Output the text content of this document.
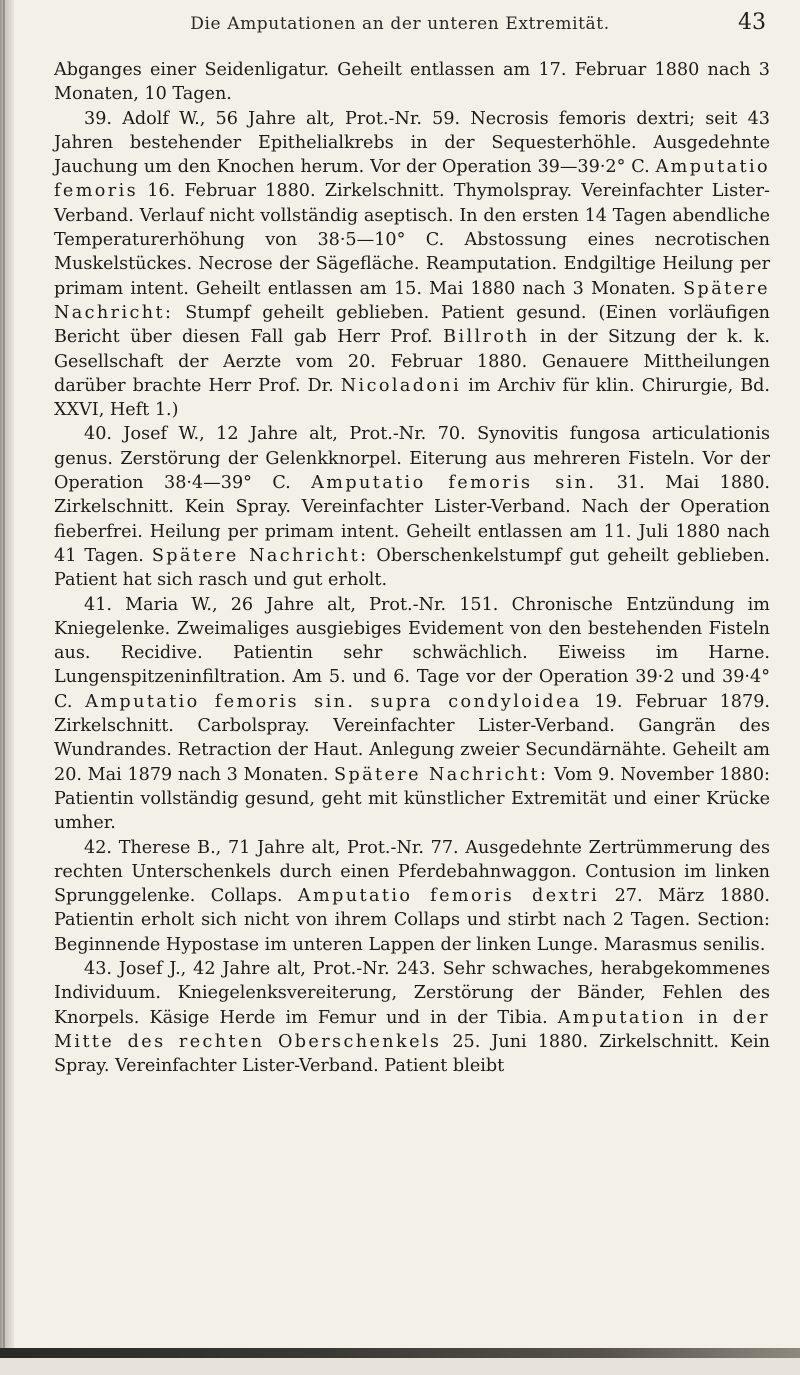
Die Amputationen an der unteren Extremität.	43

Abganges einer Seidenligatur. Geheilt entlassen am 17. Februar 1880 nach 3 Monaten, 10 Tagen.

39. Adolf W., 56 Jahre alt, Prot.-Nr. 59. Necrosis femoris dextri; seit 43 Jahren bestehender Epithelialkrebs in der Sequesterhöhle. Ausgedehnte Jauchung um den Knochen herum. Vor der Operation 39—39·2° C. Amputatio femoris 16. Februar 1880. Zirkelschnitt. Thymolspray. Vereinfachter Lister-Verband. Verlauf nicht vollständig aseptisch. In den ersten 14 Tagen abendliche Temperaturerhöhung von 38·5—10° C. Abstossung eines necrotischen Muskelstückes. Necrose der Sägefläche. Reamputation. Endgiltige Heilung per primam intent. Geheilt entlassen am 15. Mai 1880 nach 3 Monaten. Spätere Nachricht: Stumpf geheilt geblieben. Patient gesund. (Einen vorläufigen Bericht über diesen Fall gab Herr Prof. Billroth in der Sitzung der k. k. Gesellschaft der Aerzte vom 20. Februar 1880. Genauere Mittheilungen darüber brachte Herr Prof. Dr. Nicoladoni im Archiv für klin. Chirurgie, Bd. XXVI, Heft 1.)

40. Josef W., 12 Jahre alt, Prot.-Nr. 70. Synovitis fungosa articulationis genus. Zerstörung der Gelenkknorpel. Eiterung aus mehreren Fisteln. Vor der Operation 38·4—39° C. Amputatio femoris sin. 31. Mai 1880. Zirkelschnitt. Kein Spray. Vereinfachter Lister-Verband. Nach der Operation fieberfrei. Heilung per primam intent. Geheilt entlassen am 11. Juli 1880 nach 41 Tagen. Spätere Nachricht: Oberschenkelstumpf gut geheilt geblieben. Patient hat sich rasch und gut erholt.

41. Maria W., 26 Jahre alt, Prot.-Nr. 151. Chronische Entzündung im Kniegelenke. Zweimaliges ausgiebiges Evidement von den bestehenden Fisteln aus. Recidive. Patientin sehr schwächlich. Eiweiss im Harne. Lungenspitzeninfiltration. Am 5. und 6. Tage vor der Operation 39·2 und 39·4° C. Amputatio femoris sin. supra condyloidea 19. Februar 1879. Zirkelschnitt. Carbolspray. Vereinfachter Lister-Verband. Gangrän des Wundrandes. Retraction der Haut. Anlegung zweier Secundärnähte. Geheilt am 20. Mai 1879 nach 3 Monaten. Spätere Nachricht: Vom 9. November 1880: Patientin vollständig gesund, geht mit künstlicher Extremität und einer Krücke umher.

42. Therese B., 71 Jahre alt, Prot.-Nr. 77. Ausgedehnte Zertrümmerung des rechten Unterschenkels durch einen Pferdebahnwaggon. Contusion im linken Sprunggelenke. Collaps. Amputatio femoris dextri 27. März 1880. Patientin erholt sich nicht von ihrem Collaps und stirbt nach 2 Tagen. Section: Beginnende Hypostase im unteren Lappen der linken Lunge. Marasmus senilis.

43. Josef J., 42 Jahre alt, Prot.-Nr. 243. Sehr schwaches, herabgekommenes Individuum. Kniegelenksvereiterung, Zerstörung der Bänder, Fehlen des Knorpels. Käsige Herde im Femur und in der Tibia. Amputation in der Mitte des rechten Oberschenkels 25. Juni 1880. Zirkelschnitt. Kein Spray. Vereinfachter Lister-Verband. Patient bleibt
